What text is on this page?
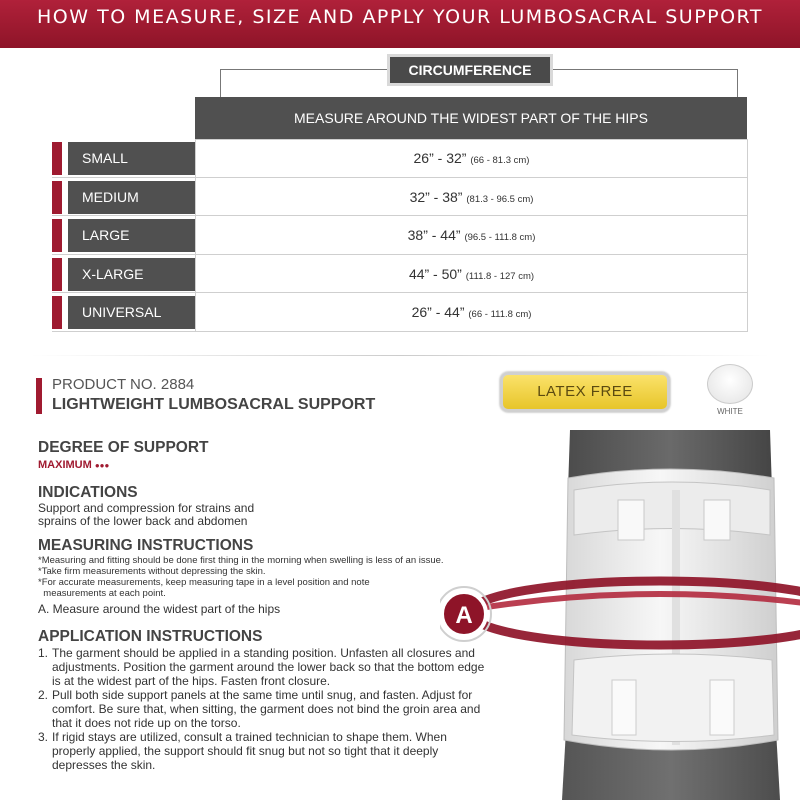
HOW TO MEASURE, SIZE AND APPLY YOUR LUMBOSACRAL SUPPORT
CIRCUMFERENCE
MEASURE AROUND THE WIDEST PART OF THE HIPS
SMALL	26” - 32” (66 - 81.3 cm)
MEDIUM	32” - 38” (81.3 - 96.5 cm)
LARGE	38” - 44” (96.5 - 111.8 cm)
X-LARGE	44” - 50” (111.8 - 127 cm)
UNIVERSAL	26” - 44” (66 - 111.8 cm)
PRODUCT NO. 2884
LIGHTWEIGHT LUMBOSACRAL SUPPORT
LATEX FREE
WHITE
DEGREE OF SUPPORT
MAXIMUM ●●●
INDICATIONS
Support and compression for strains and
sprains of the lower back and abdomen
MEASURING INSTRUCTIONS
*Measuring and fitting should be done first thing in the morning when swelling is less of an issue.
*Take firm measurements without depressing the skin.
*For accurate measurements, keep measuring tape in a level position and note
measurements at each point.
A. Measure around the widest part of the hips
APPLICATION INSTRUCTIONS
1. The garment should be applied in a standing position. Unfasten all closures and adjustments. Position the garment around the lower back so that the bottom edge is at the widest part of the hips. Fasten front closure.
2. Pull both side support panels at the same time until snug, and fasten. Adjust for comfort. Be sure that, when sitting, the garment does not bind the groin area and that it does not ride up on the torso.
3. If rigid stays are utilized, consult a trained technician to shape them. When properly applied, the support should fit snug but not so tight that it deeply depresses the skin.
A
